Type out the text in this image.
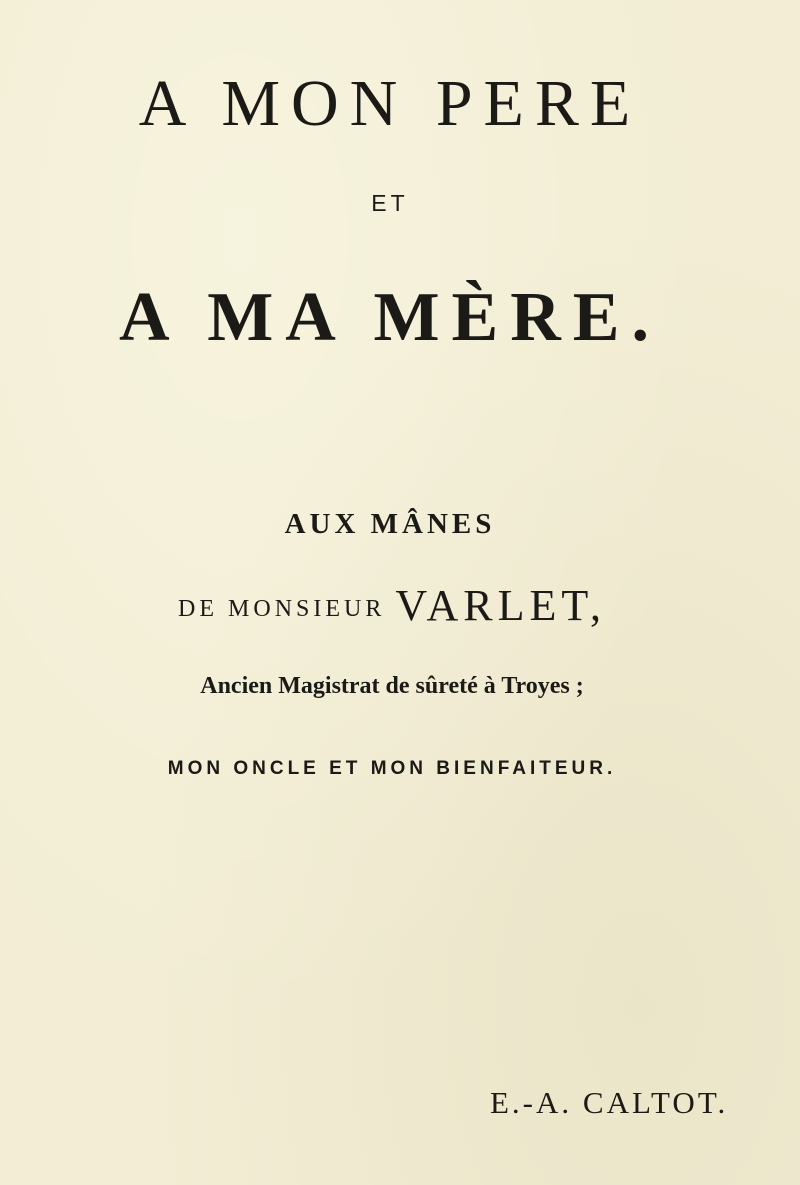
A MON PERE

ET

A MA MÈRE.

AUX MÂNES

DE MONSIEUR VARLET,

Ancien Magistrat de sûreté à Troyes ;

MON ONCLE ET MON BIENFAITEUR.

E.-A. CALTOT.
